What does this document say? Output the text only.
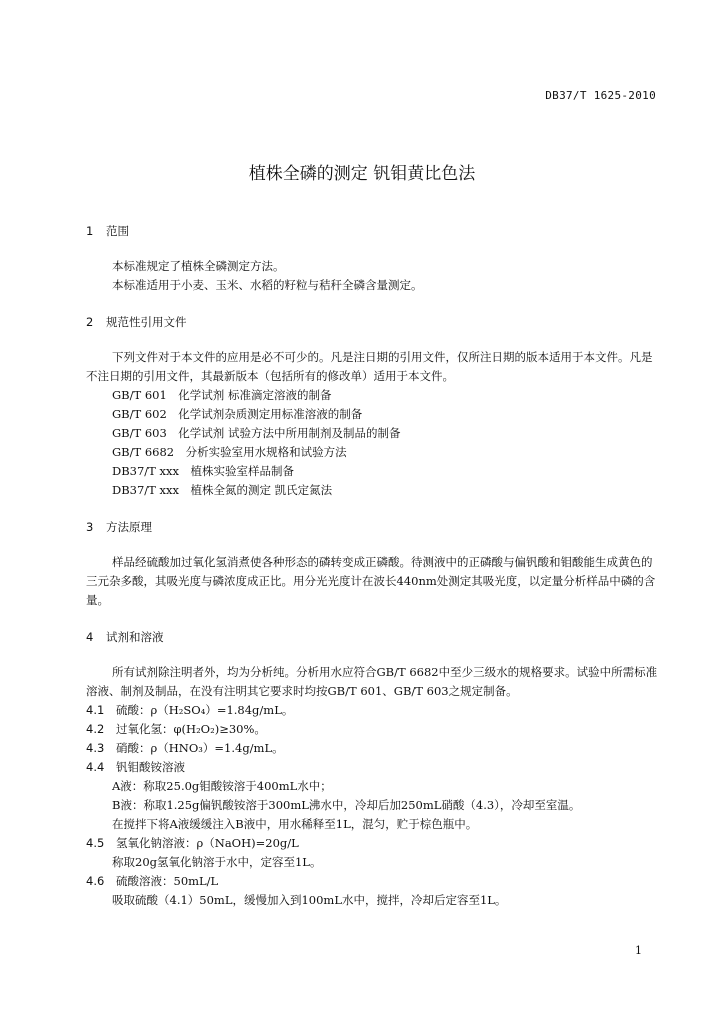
DB37/T 1625-2010
植株全磷的测定 钒钼黄比色法

1 范围

本标准规定了植株全磷测定方法。

本标准适用于小麦、玉米、水稻的籽粒与秸秆全磷含量测定。

2 规范性引用文件

下列文件对于本文件的应用是必不可少的。凡是注日期的引用文件，仅所注日期的版本适用于本文件。凡是不注日期的引用文件，其最新版本（包括所有的修改单）适用于本文件。

GB/T 601　化学试剂 标准滴定溶液的制备

GB/T 602　化学试剂杂质测定用标准溶液的制备

GB/T 603　化学试剂 试验方法中所用制剂及制品的制备

GB/T 6682　分析实验室用水规格和试验方法

DB37/T xxx　植株实验室样品制备

DB37/T xxx　植株全氮的测定 凯氏定氮法

3 方法原理

样品经硫酸加过氧化氢消煮使各种形态的磷转变成正磷酸。待测液中的正磷酸与偏钒酸和钼酸能生成黄色的三元杂多酸，其吸光度与磷浓度成正比。用分光光度计在波长440nm处测定其吸光度，以定量分析样品中磷的含量。

4 试剂和溶液

所有试剂除注明者外，均为分析纯。分析用水应符合GB/T 6682中至少三级水的规格要求。试验中所需标准溶液、制剂及制品，在没有注明其它要求时均按GB/T 601、GB/T 603之规定制备。

4.1 硫酸：ρ（H₂SO₄）=1.84g/mL。

4.2 过氧化氢：φ(H₂O₂)≥30%。

4.3 硝酸：ρ（HNO₃）=1.4g/mL。

4.4 钒钼酸铵溶液

A液：称取25.0g钼酸铵溶于400mL水中；

B液：称取1.25g偏钒酸铵溶于300mL沸水中，冷却后加250mL硝酸（4.3），冷却至室温。

在搅拌下将A液缓缓注入B液中，用水稀释至1L，混匀，贮于棕色瓶中。

4.5 氢氧化钠溶液：ρ（NaOH)=20g/L

称取20g氢氧化钠溶于水中，定容至1L。

4.6 硫酸溶液：50mL/L

吸取硫酸（4.1）50mL，缓慢加入到100mL水中，搅拌，冷却后定容至1L。

1
